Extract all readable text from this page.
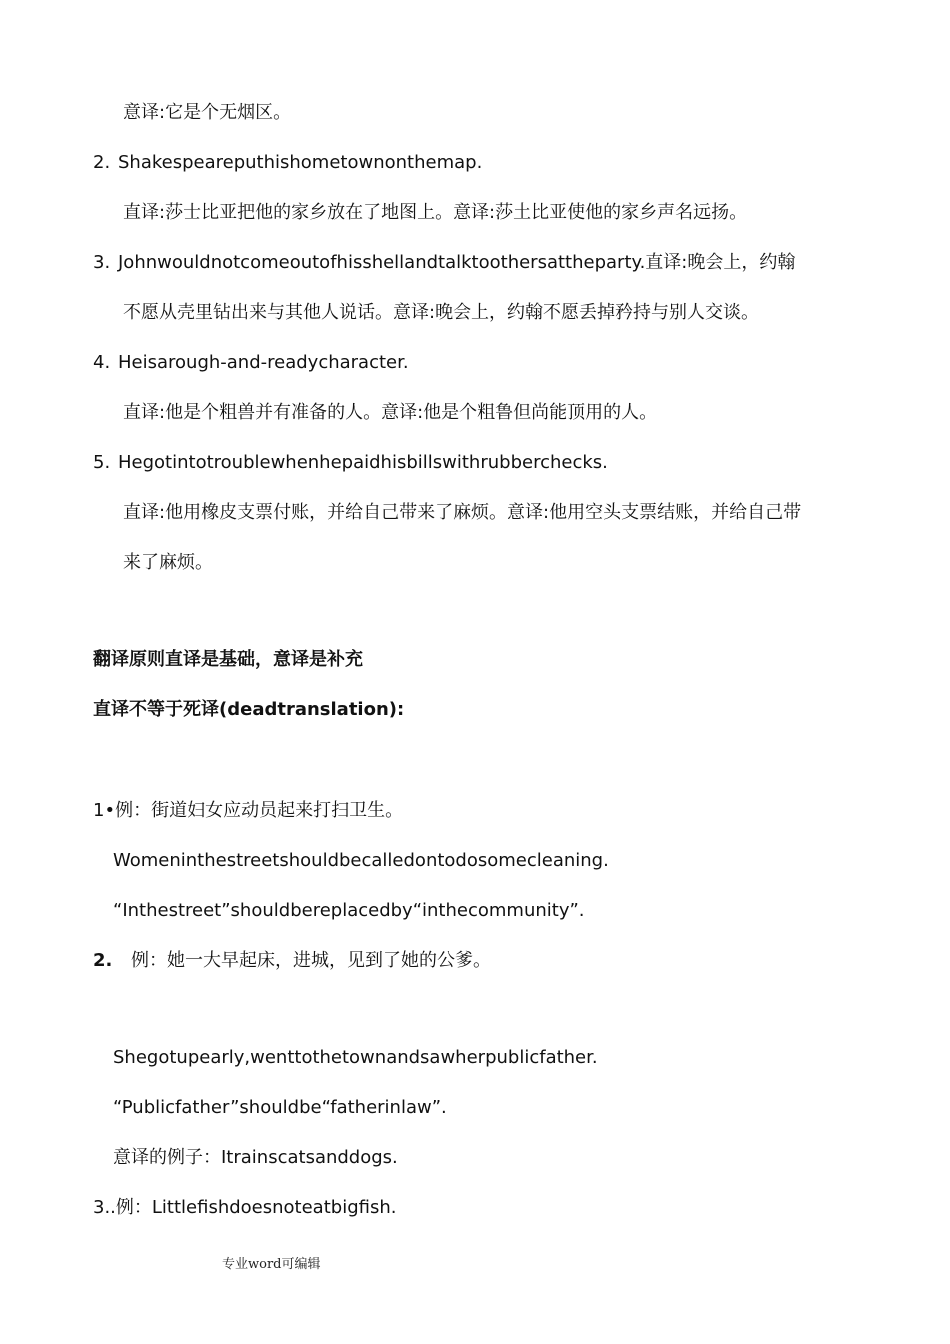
意译:它是个无烟区。
2. Shakespeareputhishometownonthemap.
直译:莎士比亚把他的家乡放在了地图上。意译:莎土比亚使他的家乡声名远扬。
3. Johnwouldnotcomeoutofhisshellandtalktoothersattheparty.直译:晚会上，约翰
不愿从壳里钻出来与其他人说话。意译:晚会上，约翰不愿丢掉矜持与别人交谈。
4. Heisarough-and-readycharacter.
直译:他是个粗兽并有准备的人。意译:他是个粗鲁但尚能顶用的人。
5. Hegotintotroublewhenhepaidhisbillswithrubberchecks.
直译:他用橡皮支票付账，并给自己带来了麻烦。意译:他用空头支票结账，并给自己带
来了麻烦。
翻译原则直译是基础，意译是补充
直译不等于死译(deadtranslation):
1•例：街道妇女应动员起来打扫卫生。
Womeninthestreetshouldbecalledontodosomecleaning.
“Inthestreet”shouldbereplacedby“inthecommunity”.
2. 例：她一大早起床，进城，见到了她的公爹。
Shegotupearly,wenttothetownandsawherpublicfather.
“Publicfather”shouldbe“fatherinlaw”.
意译的例子：Itrainscatsanddogs.
3..例：Littlefishdoesnoteatbigfish.
专业word可编辑
